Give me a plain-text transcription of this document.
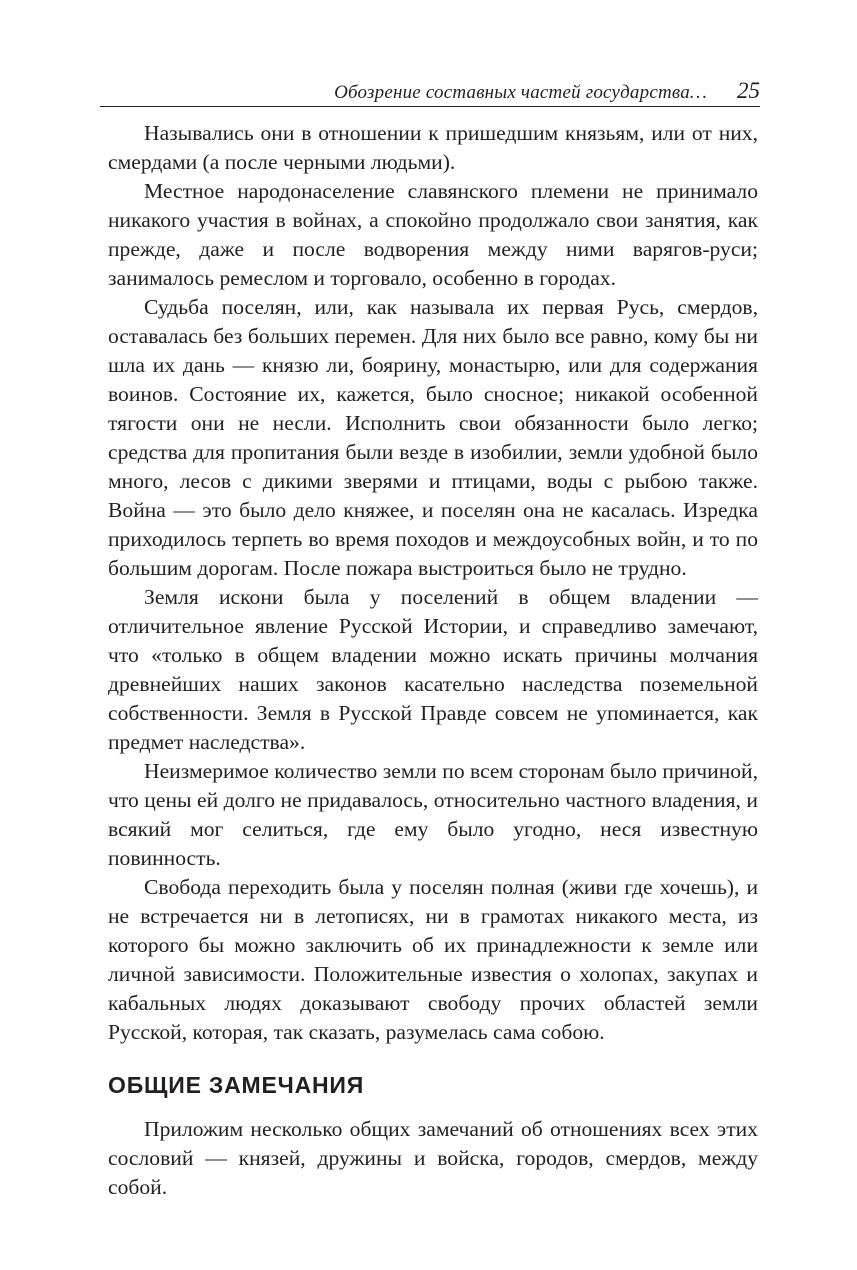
Обозрение составных частей государства… 25

Назывались они в отношении к пришедшим князьям, или от них, смердами (а после черными людьми).

Местное народонаселение славянского племени не принимало никакого участия в войнах, а спокойно продолжало свои занятия, как прежде, даже и после водворения между ними варягов-руси; занималось ремеслом и торговало, особенно в городах.

Судьба поселян, или, как называла их первая Русь, смердов, оставалась без больших перемен. Для них было все равно, кому бы ни шла их дань — князю ли, боярину, монастырю, или для содержания воинов. Состояние их, кажется, было сносное; никакой особенной тягости они не несли. Исполнить свои обязанности было легко; средства для пропитания были везде в изобилии, земли удобной было много, лесов с дикими зверями и птицами, воды с рыбою также. Война — это было дело княжее, и поселян она не касалась. Изредка приходилось терпеть во время походов и междоусобных войн, и то по большим дорогам. После пожара выстроиться было не трудно.

Земля искони была у поселений в общем владении — отличительное явление Русской Истории, и справедливо замечают, что «только в общем владении можно искать причины молчания древнейших наших законов касательно наследства поземельной собственности. Земля в Русской Правде совсем не упоминается, как предмет наследства».

Неизмеримое количество земли по всем сторонам было причиной, что цены ей долго не придавалось, относительно частного владения, и всякий мог селиться, где ему было угодно, неся известную повинность.

Свобода переходить была у поселян полная (живи где хочешь), и не встречается ни в летописях, ни в грамотах никакого места, из которого бы можно заключить об их принадлежности к земле или личной зависимости. Положительные известия о холопах, закупах и кабальных людях доказывают свободу прочих областей земли Русской, которая, так сказать, разумелась сама собою.

ОБЩИЕ ЗАМЕЧАНИЯ

Приложим несколько общих замечаний об отношениях всех этих сословий — князей, дружины и войска, городов, смердов, между собой.
